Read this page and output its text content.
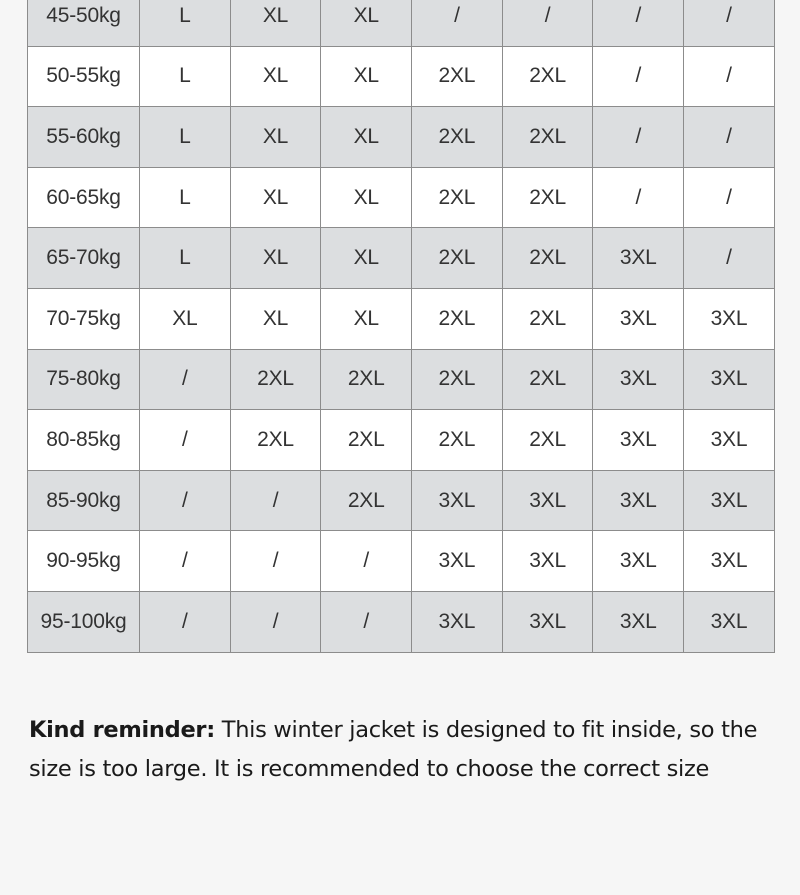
45-50kg	L	XL	XL	/	/	/	/
50-55kg	L	XL	XL	2XL	2XL	/	/
55-60kg	L	XL	XL	2XL	2XL	/	/
60-65kg	L	XL	XL	2XL	2XL	/	/
65-70kg	L	XL	XL	2XL	2XL	3XL	/
70-75kg	XL	XL	XL	2XL	2XL	3XL	3XL
75-80kg	/	2XL	2XL	2XL	2XL	3XL	3XL
80-85kg	/	2XL	2XL	2XL	2XL	3XL	3XL
85-90kg	/	/	2XL	3XL	3XL	3XL	3XL
90-95kg	/	/	/	3XL	3XL	3XL	3XL
95-100kg	/	/	/	3XL	3XL	3XL	3XL

Kind reminder: This winter jacket is designed to fit inside, so the size is too large. It is recommended to choose the correct size
